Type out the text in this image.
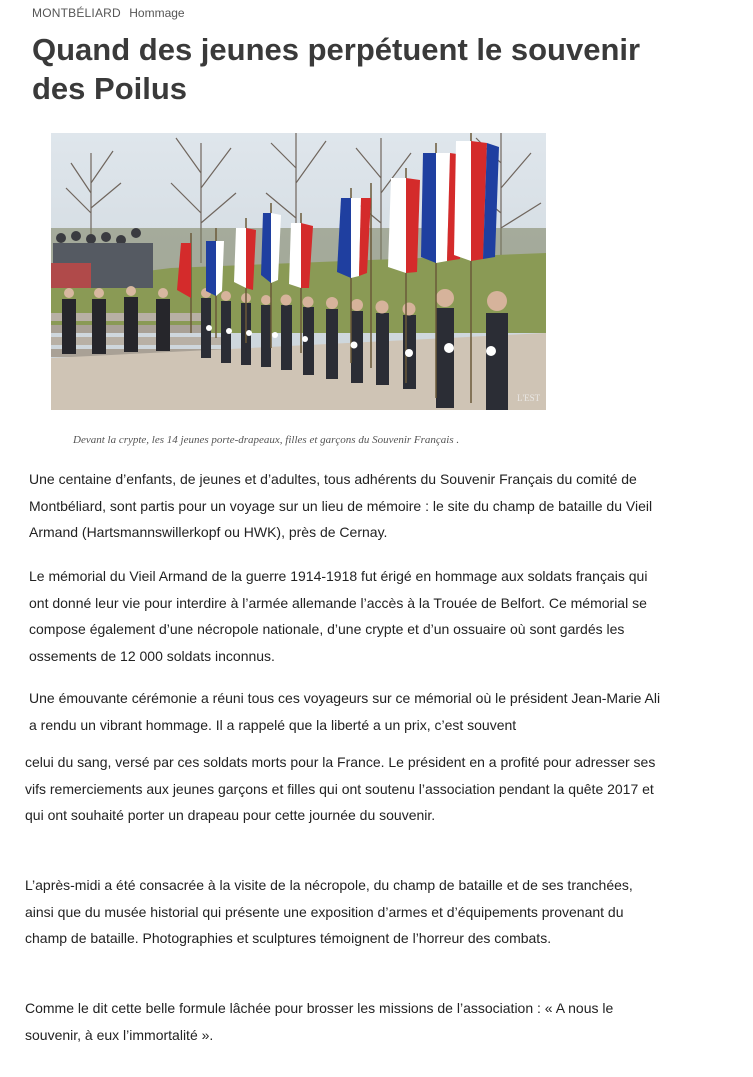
MONTBÉLIARD Hommage
Quand des jeunes perpétuent le souvenir des Poilus
L'EST
Devant la crypte, les 14 jeunes porte-drapeaux, filles et garçons du Souvenir Français .

Une centaine d’enfants, de jeunes et d’adultes, tous adhérents du Souvenir Français du comité de Montbéliard, sont partis pour un voyage sur un lieu de mémoire : le site du champ de bataille du Vieil Armand (Hartsmannswillerkopf ou HWK), près de Cernay.

Le mémorial du Vieil Armand de la guerre 1914-1918 fut érigé en hommage aux soldats français qui ont donné leur vie pour interdire à l’armée allemande l’accès à la Trouée de Belfort. Ce mémorial se compose également d’une nécropole nationale, d’une crypte et d’un ossuaire où sont gardés les ossements de 12 000 soldats inconnus.

Une émouvante cérémonie a réuni tous ces voyageurs sur ce mémorial où le président Jean-Marie Ali a rendu un vibrant hommage. Il a rappelé que la liberté a un prix, c’est souvent

celui du sang, versé par ces soldats morts pour la France. Le président en a profité pour adresser ses vifs remerciements aux jeunes garçons et filles qui ont soutenu l’association pendant la quête 2017 et qui ont souhaité porter un drapeau pour cette journée du souvenir.

L’après-midi a été consacrée à la visite de la nécropole, du champ de bataille et de ses tranchées, ainsi que du musée historial qui présente une exposition d’armes et d’équipements provenant du champ de bataille. Photographies et sculptures témoignent de l’horreur des combats.

Comme le dit cette belle formule lâchée pour brosser les missions de l’association : « A nous le souvenir, à eux l’immortalité ».
